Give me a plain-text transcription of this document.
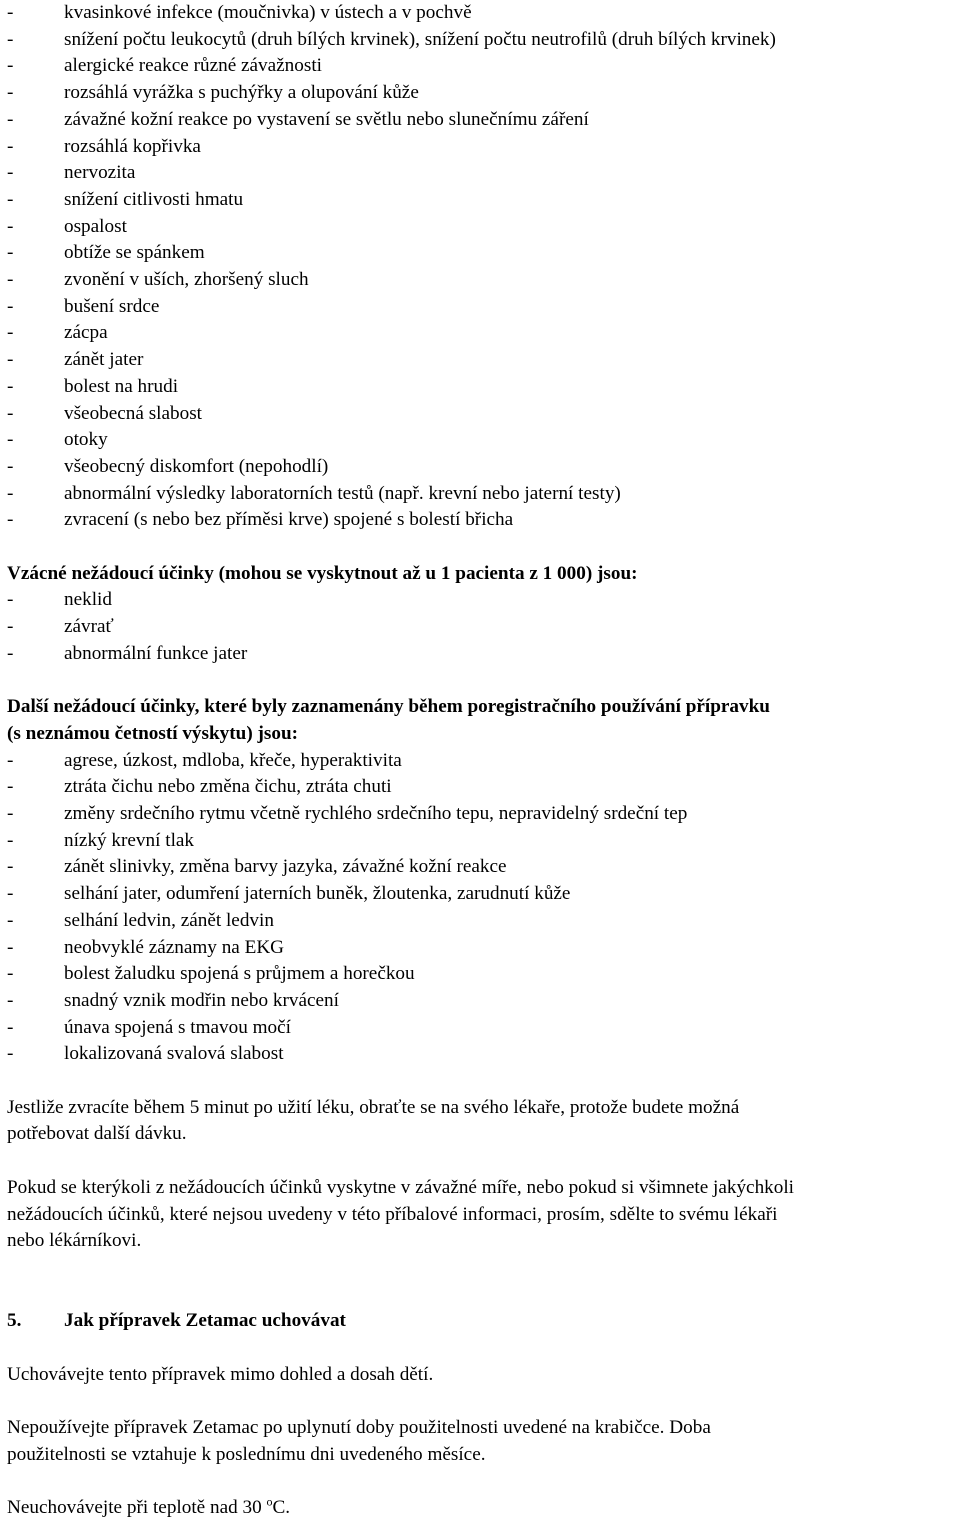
-	kvasinkové infekce (moučnivka) v ústech a v pochvě
-	snížení počtu leukocytů (druh bílých krvinek), snížení počtu neutrofilů (druh bílých krvinek)
-	alergické reakce různé závažnosti
-	rozsáhlá vyrážka s puchýřky a olupování kůže
-	závažné kožní reakce po vystavení se světlu nebo slunečnímu záření
-	rozsáhlá kopřivka
-	nervozita
-	snížení citlivosti hmatu
-	ospalost
-	obtíže se spánkem
-	zvonění v uších, zhoršený sluch
-	bušení srdce
-	zácpa
-	zánět jater
-	bolest na hrudi
-	všeobecná slabost
-	otoky
-	všeobecný diskomfort (nepohodlí)
-	abnormální výsledky laboratorních testů (např. krevní nebo jaterní testy)
-	zvracení (s nebo bez příměsi krve) spojené s bolestí břicha
Vzácné nežádoucí účinky (mohou se vyskytnout až u 1 pacienta z 1 000) jsou:
-	neklid
-	závrať
-	abnormální funkce jater
Další nežádoucí účinky, které byly zaznamenány během poregistračního používání přípravku
(s neznámou četností výskytu) jsou:
-	agrese, úzkost, mdloba, křeče, hyperaktivita
-	ztráta čichu nebo změna čichu, ztráta chuti
-	změny srdečního rytmu včetně rychlého srdečního tepu, nepravidelný srdeční tep
-	nízký krevní tlak
-	zánět slinivky, změna barvy jazyka, závažné kožní reakce
-	selhání jater, odumření jaterních buněk, žloutenka, zarudnutí kůže
-	selhání ledvin, zánět ledvin
-	neobvyklé záznamy na EKG
-	bolest žaludku spojená s průjmem a horečkou
-	snadný vznik modřin nebo krvácení
-	únava spojená s tmavou močí
-	lokalizovaná svalová slabost
Jestliže zvracíte během 5 minut po užití léku, obraťte se na svého lékaře, protože budete možná
potřebovat další dávku.
Pokud se kterýkoli z nežádoucích účinků vyskytne v závažné míře, nebo pokud si všimnete jakýchkoli
nežádoucích účinků, které nejsou uvedeny v této příbalové informaci, prosím, sdělte to svému lékaři
nebo lékárníkovi.
5. Jak přípravek Zetamac uchovávat
Uchovávejte tento přípravek mimo dohled a dosah dětí.
Nepoužívejte přípravek Zetamac po uplynutí doby použitelnosti uvedené na krabičce. Doba
použitelnosti se vztahuje k poslednímu dni uvedeného měsíce.
Neuchovávejte při teplotě nad 30 $^o$C.
